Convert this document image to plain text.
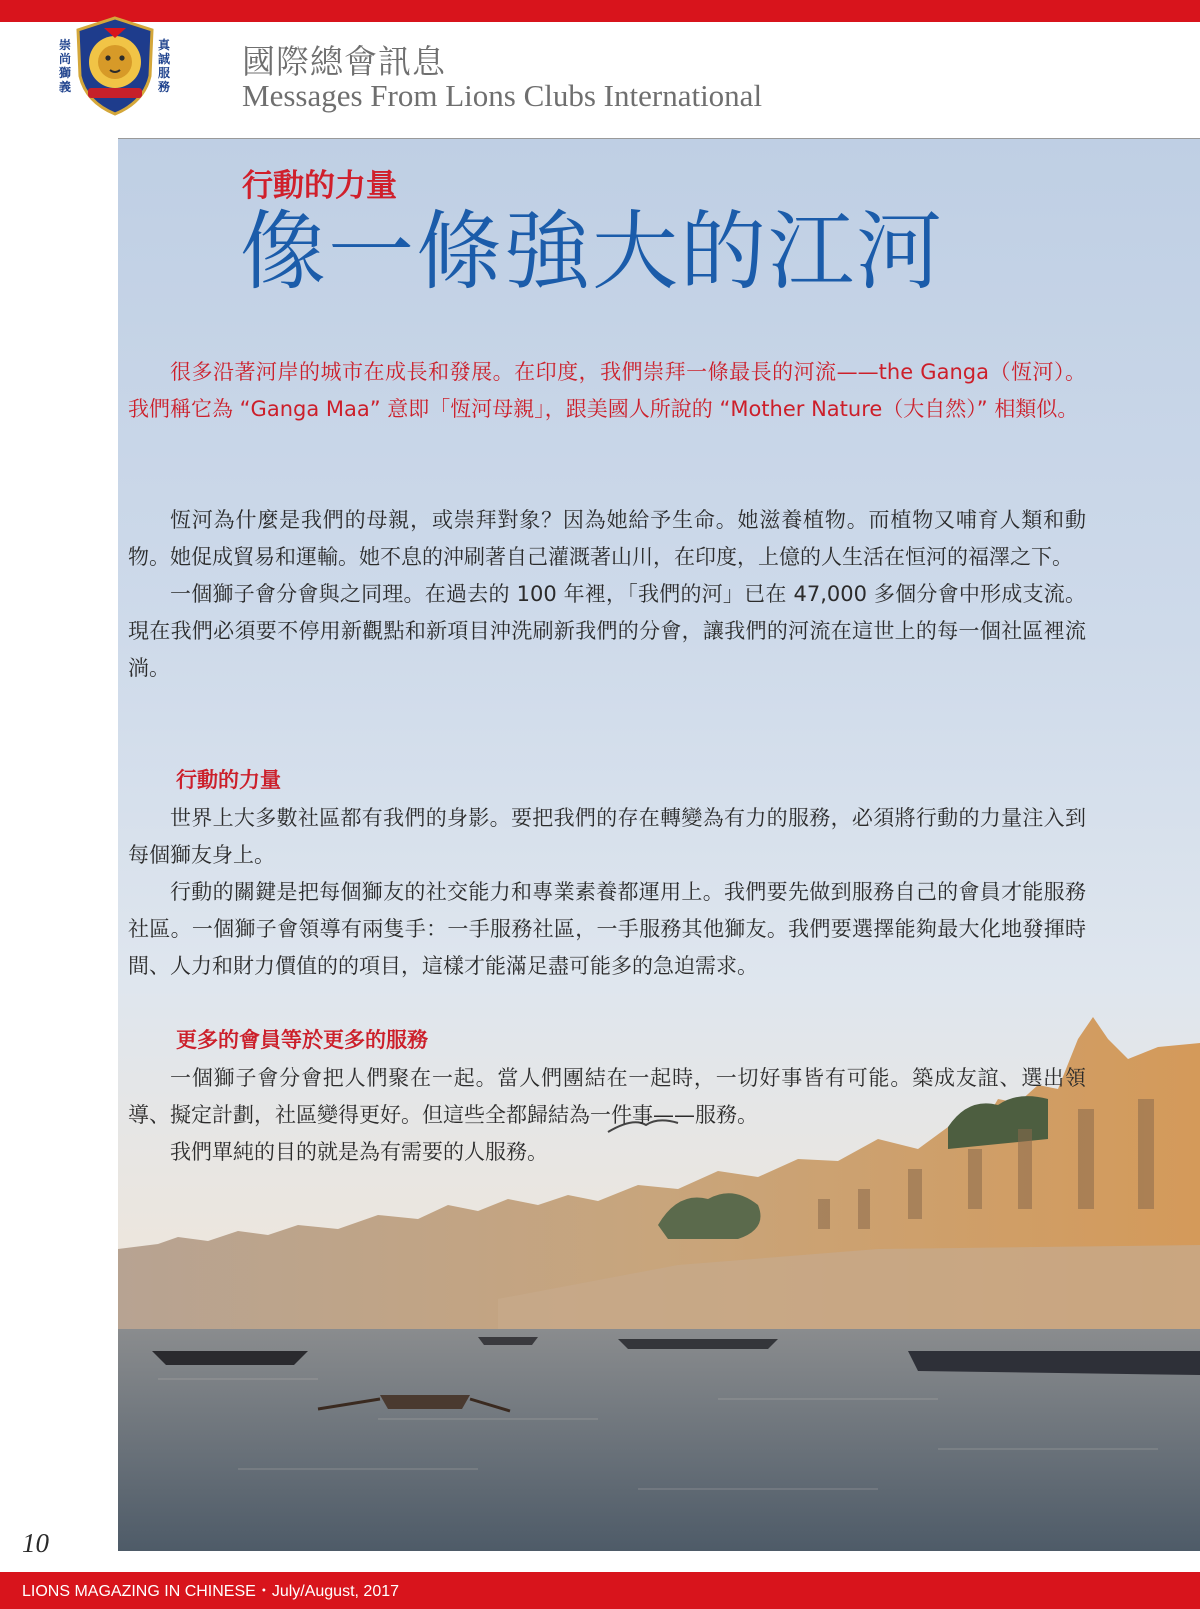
崇尚獅義
真誠服務
國際總會訊息
Messages From Lions Clubs International
行動的力量
像一條強大的江河

很多沿著河岸的城市在成長和發展。在印度，我們崇拜一條最長的河流——the Ganga（恆河）。我們稱它為 “Ganga Maa” 意即「恆河母親」，跟美國人所說的 “Mother Nature（大自然）” 相類似。

恆河為什麼是我們的母親，或崇拜對象？因為她給予生命。她滋養植物。而植物又哺育人類和動物。她促成貿易和運輸。她不息的沖刷著自己灌溉著山川，在印度，上億的人生活在恒河的福澤之下。

一個獅子會分會與之同理。在過去的 100 年裡，「我們的河」已在 47,000 多個分會中形成支流。現在我們必須要不停用新觀點和新項目沖洗刷新我們的分會，讓我們的河流在這世上的每一個社區裡流淌。

行動的力量

世界上大多數社區都有我們的身影。要把我們的存在轉變為有力的服務，必須將行動的力量注入到每個獅友身上。

行動的關鍵是把每個獅友的社交能力和專業素養都運用上。我們要先做到服務自己的會員才能服務社區。一個獅子會領導有兩隻手：一手服務社區，一手服務其他獅友。我們要選擇能夠最大化地發揮時間、人力和財力價值的的項目，這樣才能滿足盡可能多的急迫需求。

更多的會員等於更多的服務

一個獅子會分會把人們聚在一起。當人們團結在一起時，一切好事皆有可能。築成友誼、選出領導、擬定計劃，社區變得更好。但這些全都歸結為一件事——服務。

我們單純的目的就是為有需要的人服務。

10
LIONS MAGAZING IN CHINESE・July/August, 2017
